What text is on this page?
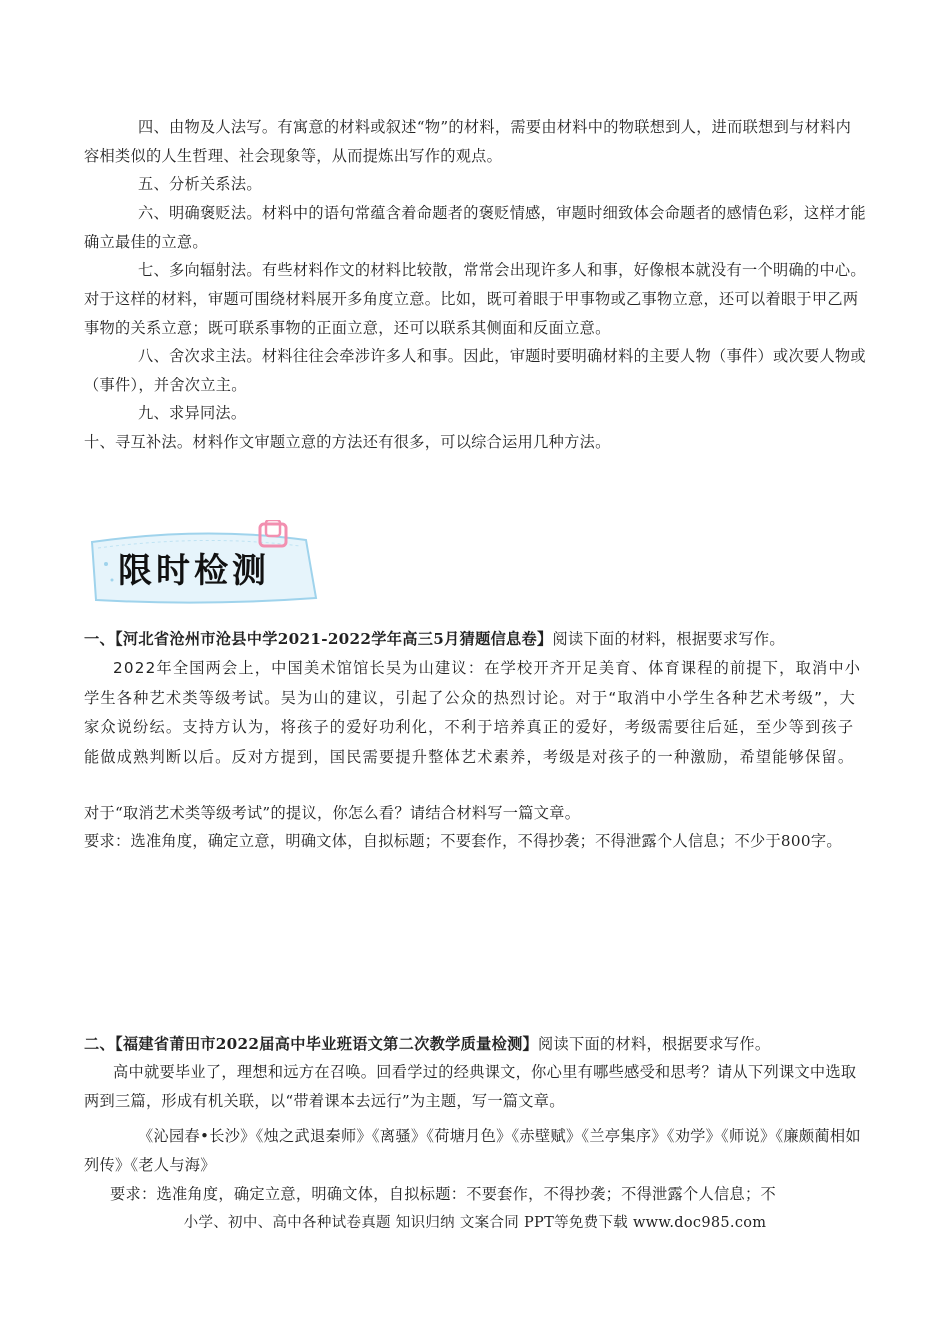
四、由物及人法写。有寓意的材料或叙述“物”的材料，需要由材料中的物联想到人，进而联想到与材料内容相类似的人生哲理、社会现象等，从而提炼出写作的观点。

五、分析关系法。

六、明确褒贬法。材料中的语句常蕴含着命题者的褒贬情感，审题时细致体会命题者的感情色彩，这样才能确立最佳的立意。

七、多向辐射法。有些材料作文的材料比较散，常常会出现许多人和事，好像根本就没有一个明确的中心。对于这样的材料，审题可围绕材料展开多角度立意。比如，既可着眼于甲事物或乙事物立意，还可以着眼于甲乙两事物的关系立意；既可联系事物的正面立意，还可以联系其侧面和反面立意。

八、舍次求主法。材料往往会牵涉许多人和事。因此，审题时要明确材料的主要人物（事件）或次要人物或（事件），并舍次立主。

九、求异同法。

十、寻互补法。材料作文审题立意的方法还有很多，可以综合运用几种方法。

限时检测

一、【河北省沧州市沧县中学2021-2022学年高三5月猜题信息卷】阅读下面的材料，根据要求写作。

2022年全国两会上，中国美术馆馆长吴为山建议：在学校开齐开足美育、体育课程的前提下，取消中小学生各种艺术类等级考试。吴为山的建议，引起了公众的热烈讨论。对于“取消中小学生各种艺术考级”，大家众说纷纭。支持方认为，将孩子的爱好功利化，不利于培养真正的爱好，考级需要往后延，至少等到孩子能做成熟判断以后。反对方提到，国民需要提升整体艺术素养，考级是对孩子的一种激励，希望能够保留。

对于“取消艺术类等级考试”的提议，你怎么看？请结合材料写一篇文章。

要求：选准角度，确定立意，明确文体，自拟标题；不要套作，不得抄袭；不得泄露个人信息；不少于800字。

二、【福建省莆田市2022届高中毕业班语文第二次教学质量检测】阅读下面的材料，根据要求写作。

高中就要毕业了，理想和远方在召唤。回看学过的经典课文，你心里有哪些感受和思考？请从下列课文中选取两到三篇，形成有机关联，以“带着课本去远行”为主题，写一篇文章。

《沁园春•长沙》《烛之武退秦师》《离骚》《荷塘月色》《赤壁赋》《兰亭集序》《劝学》《师说》《廉颇蔺相如列传》《老人与海》

要求：选准角度，确定立意，明确文体，自拟标题：不要套作，不得抄袭；不得泄露个人信息；不

小学、初中、高中各种试卷真题 知识归纳 文案合同 PPT等免费下载 www.doc985.com
